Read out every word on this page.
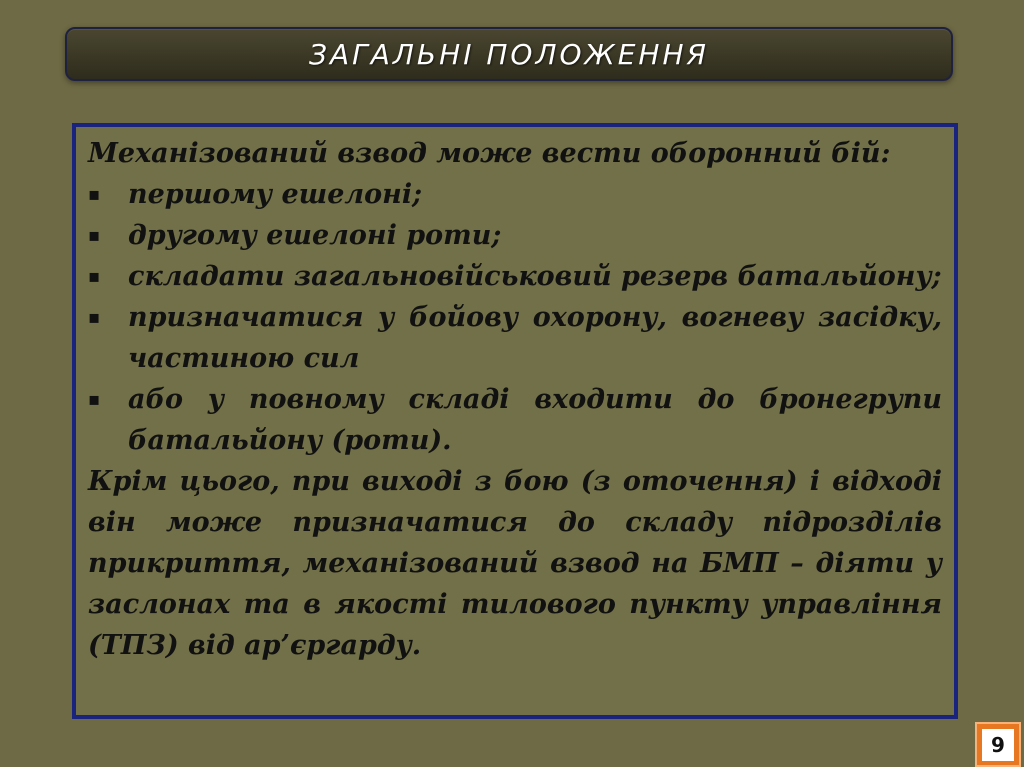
ЗАГАЛЬНІ ПОЛОЖЕННЯ

Механізований взвод може вести оборонний бій:

▪ першому ешелоні;
▪ другому ешелоні роти;
▪ складати загальновійськовий резерв батальйону;
▪ призначатися у бойову охорону, вогневу засідку, частиною сил
▪ або у повному складі входити до бронегрупи батальйону (роти).

Крім цього, при виході з бою (з оточення) і відході він може призначатися до складу підрозділів прикриття, механізований взвод на БМП – діяти у заслонах та в якості тилового пункту управління (ТПЗ) від ар’єргарду.

9
